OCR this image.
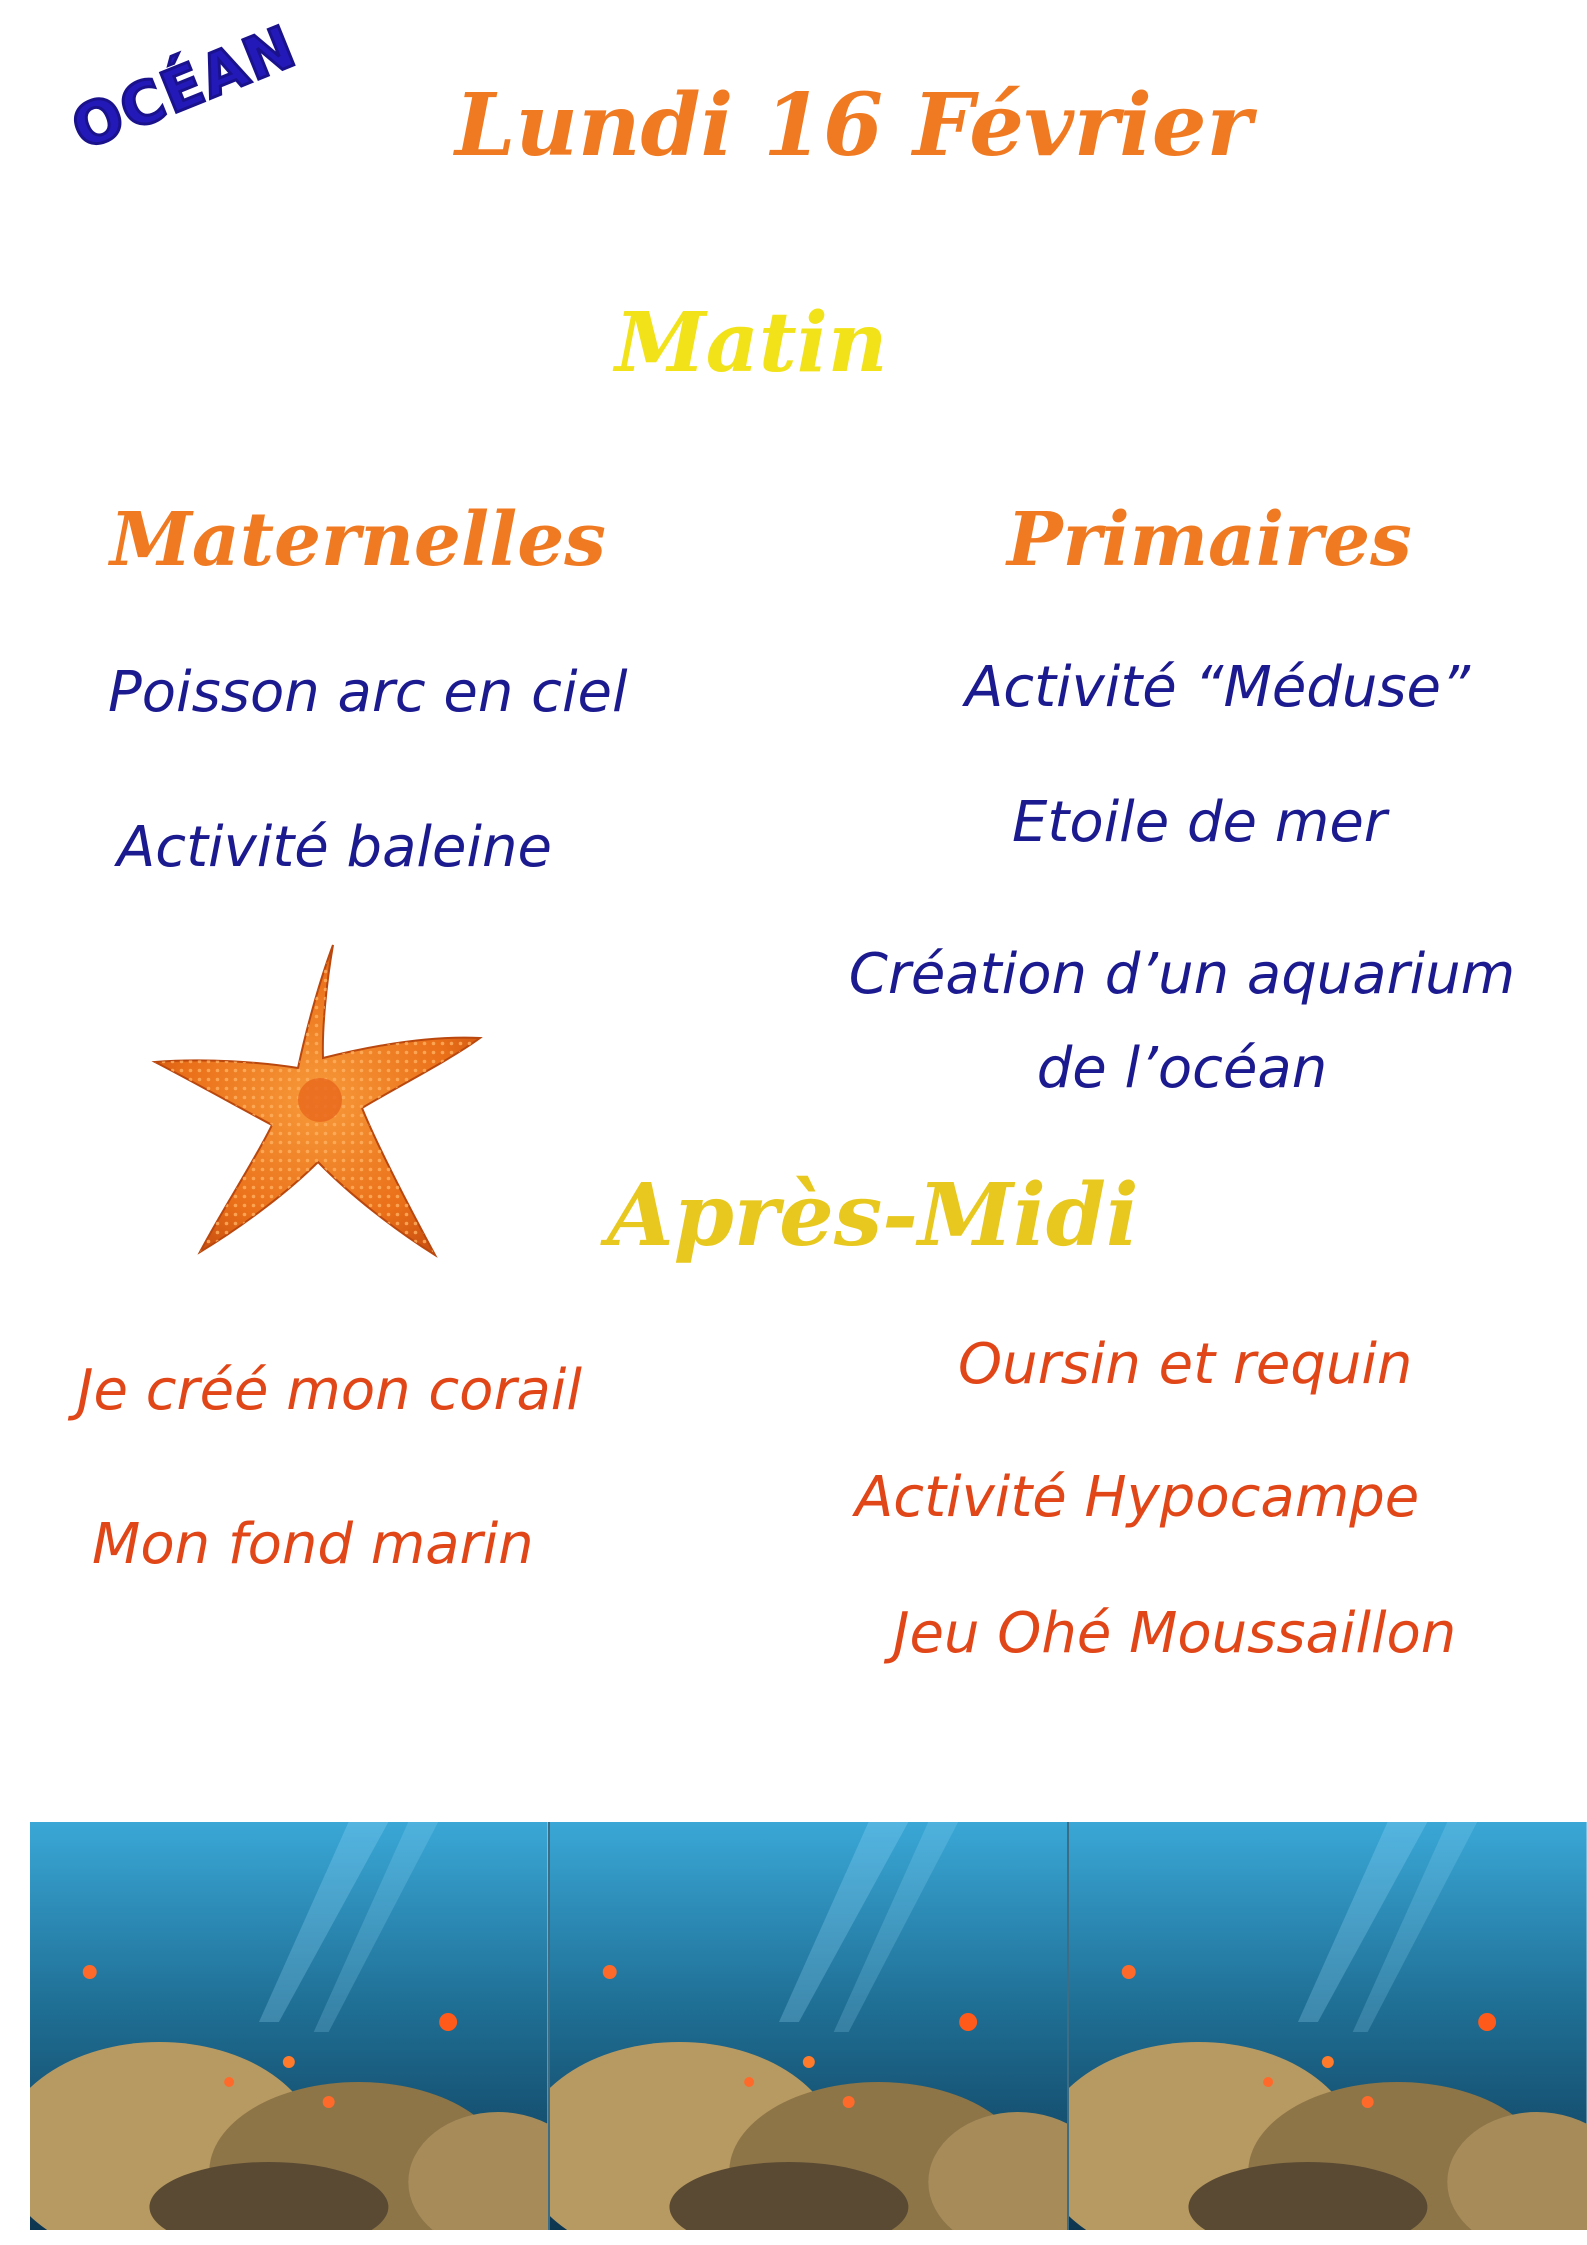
OCÉAN Lundi 16 Février
Matin
Maternelles	Primaires
Poisson arc en ciel
Activité baleine
Activité “Méduse”
Etoile de mer
Création d’un aquarium de l’océan
Après-Midi
Je créé mon corail
Mon fond marin
Oursin et requin
Activité Hypocampe
Jeu Ohé Moussaillon
